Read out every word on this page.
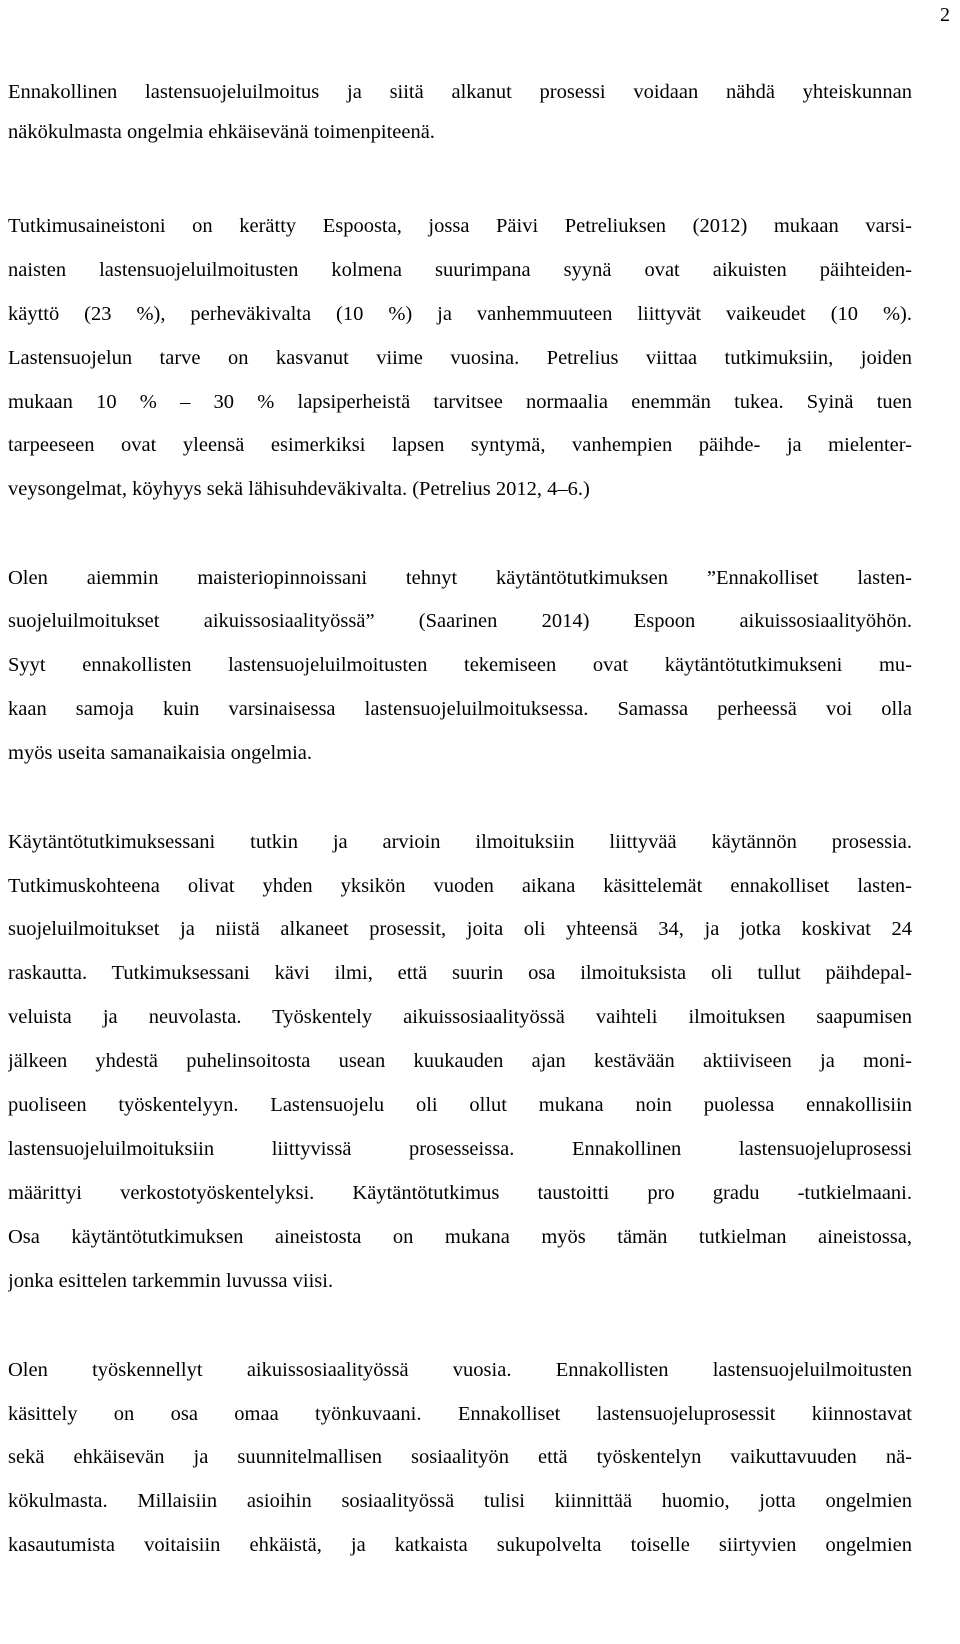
2
Ennakollinen lastensuojeluilmoitus ja siitä alkanut prosessi voidaan nähdä yhteiskunnan
näkökulmasta ongelmia ehkäisevänä toimenpiteenä.
Tutkimusaineistoni on kerätty Espoosta, jossa Päivi Petreliuksen (2012) mukaan varsi-
naisten lastensuojeluilmoitusten kolmena suurimpana syynä ovat aikuisten päihteiden-
käyttö (23 %), perheväkivalta (10 %) ja vanhemmuuteen liittyvät vaikeudet (10 %).
Lastensuojelun tarve on kasvanut viime vuosina. Petrelius viittaa tutkimuksiin, joiden
mukaan 10 % – 30 % lapsiperheistä tarvitsee normaalia enemmän tukea. Syinä tuen
tarpeeseen ovat yleensä esimerkiksi lapsen syntymä, vanhempien päihde- ja mielenter-
veysongelmat, köyhyys sekä lähisuhdeväkivalta. (Petrelius 2012, 4–6.)
Olen aiemmin maisteriopinnoissani tehnyt käytäntötutkimuksen ”Ennakolliset lasten-
suojeluilmoitukset aikuissosiaalityössä” (Saarinen 2014) Espoon aikuissosiaalityöhön.
Syyt ennakollisten lastensuojeluilmoitusten tekemiseen ovat käytäntötutkimukseni mu-
kaan samoja kuin varsinaisessa lastensuojeluilmoituksessa. Samassa perheessä voi olla
myös useita samanaikaisia ongelmia.
Käytäntötutkimuksessani tutkin ja arvioin ilmoituksiin liittyvää käytännön prosessia.
Tutkimuskohteena olivat yhden yksikön vuoden aikana käsittelemät ennakolliset lasten-
suojeluilmoitukset ja niistä alkaneet prosessit, joita oli yhteensä 34, ja jotka koskivat 24
raskautta. Tutkimuksessani kävi ilmi, että suurin osa ilmoituksista oli tullut päihdepal-
veluista ja neuvolasta. Työskentely aikuissosiaalityössä vaihteli ilmoituksen saapumisen
jälkeen yhdestä puhelinsoitosta usean kuukauden ajan kestävään aktiiviseen ja moni-
puoliseen työskentelyyn. Lastensuojelu oli ollut mukana noin puolessa ennakollisiin
lastensuojeluilmoituksiin liittyvissä prosesseissa. Ennakollinen lastensuojeluprosessi
määrittyi verkostotyöskentelyksi. Käytäntötutkimus taustoitti pro gradu -tutkielmaani.
Osa käytäntötutkimuksen aineistosta on mukana myös tämän tutkielman aineistossa,
jonka esittelen tarkemmin luvussa viisi.
Olen työskennellyt aikuissosiaalityössä vuosia. Ennakollisten lastensuojeluilmoitusten
käsittely on osa omaa työnkuvaani. Ennakolliset lastensuojeluprosessit kiinnostavat
sekä ehkäisevän ja suunnitelmallisen sosiaalityön että työskentelyn vaikuttavuuden nä-
kökulmasta. Millaisiin asioihin sosiaalityössä tulisi kiinnittää huomio, jotta ongelmien
kasautumista voitaisiin ehkäistä, ja katkaista sukupolvelta toiselle siirtyvien ongelmien
